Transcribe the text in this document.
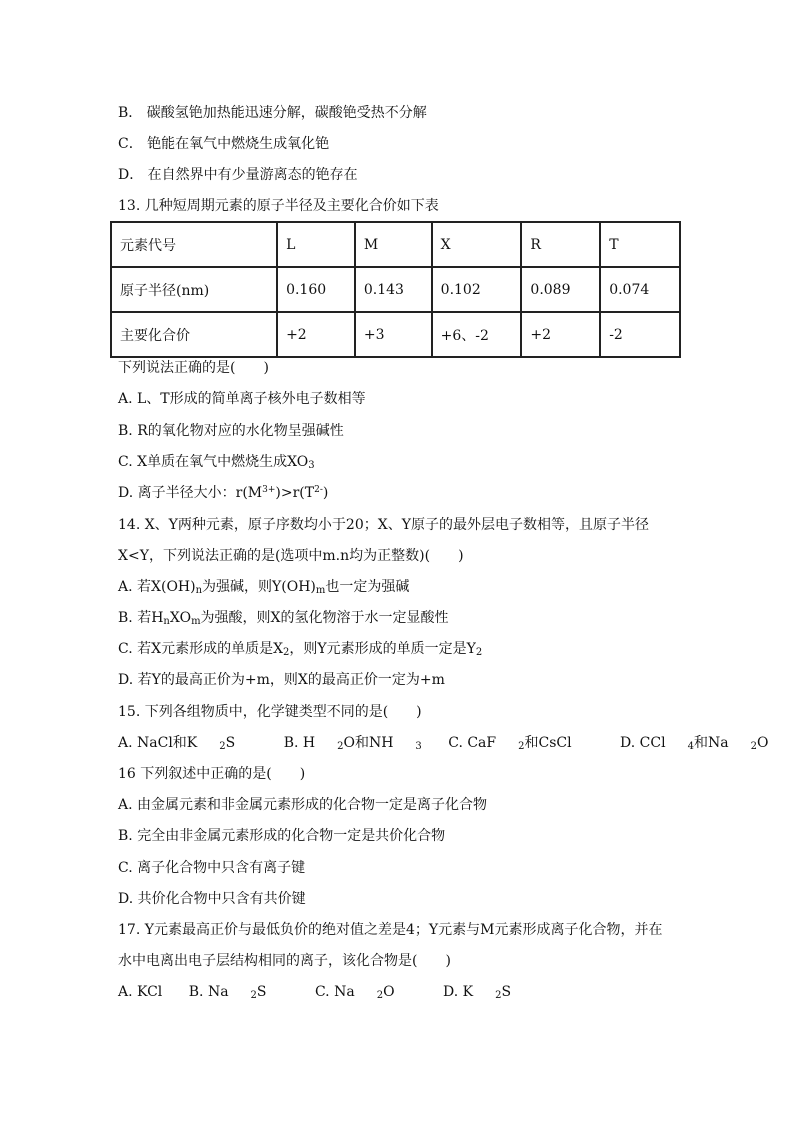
B． 碳酸氢铯加热能迅速分解，碳酸铯受热不分解
C． 铯能在氧气中燃烧生成氧化铯
D． 在自然界中有少量游离态的铯存在
13. 几种短周期元素的原子半径及主要化合价如下表
元素代号	L	M	X	R	T
原子半径(nm)	0.160	0.143	0.102	0.089	0.074
主要化合价	+2	+3	+6、-2	+2	-2
下列说法正确的是(　　)
A. L、T形成的简单离子核外电子数相等
B. R的氧化物对应的水化物呈强碱性
C. X单质在氧气中燃烧生成$XO_3$
D. 离子半径大小：$r(M^{3+})>r(T^{2-})$
14. X、Y两种元素，原子序数均小于20；X、Y原子的最外层电子数相等，且原子半径
X<Y，下列说法正确的是(选项中m.n均为正整数)(　　)
A. 若$X(OH)_n$为强碱，则$Y(OH)_m$也一定为强碱
B. 若$H_nXO_m$为强酸，则X的氢化物溶于水一定显酸性
C. 若X元素形成的单质是$X_2$，则Y元素形成的单质一定是$Y_2$
D. 若Y的最高正价为+m，则X的最高正价一定为+m
15. 下列各组物质中，化学键类型不同的是(　　)
A. NaCl和K $_2$S	B. H $_2$O和NH $_3$ C. CaF $_2$和CsCl	D. CCl $_4$和Na $_2$O
16 下列叙述中正确的是(　　)
A. 由金属元素和非金属元素形成的化合物一定是离子化合物
B. 完全由非金属元素形成的化合物一定是共价化合物
C. 离子化合物中只含有离子键
D. 共价化合物中只含有共价键
17. Y元素最高正价与最低负价的绝对值之差是4；Y元素与M元素形成离子化合物，并在
水中电离出电子层结构相同的离子，该化合物是(　　)
A. KCl B. Na $_2$S	C. Na $_2$O	D. K $_2$S
